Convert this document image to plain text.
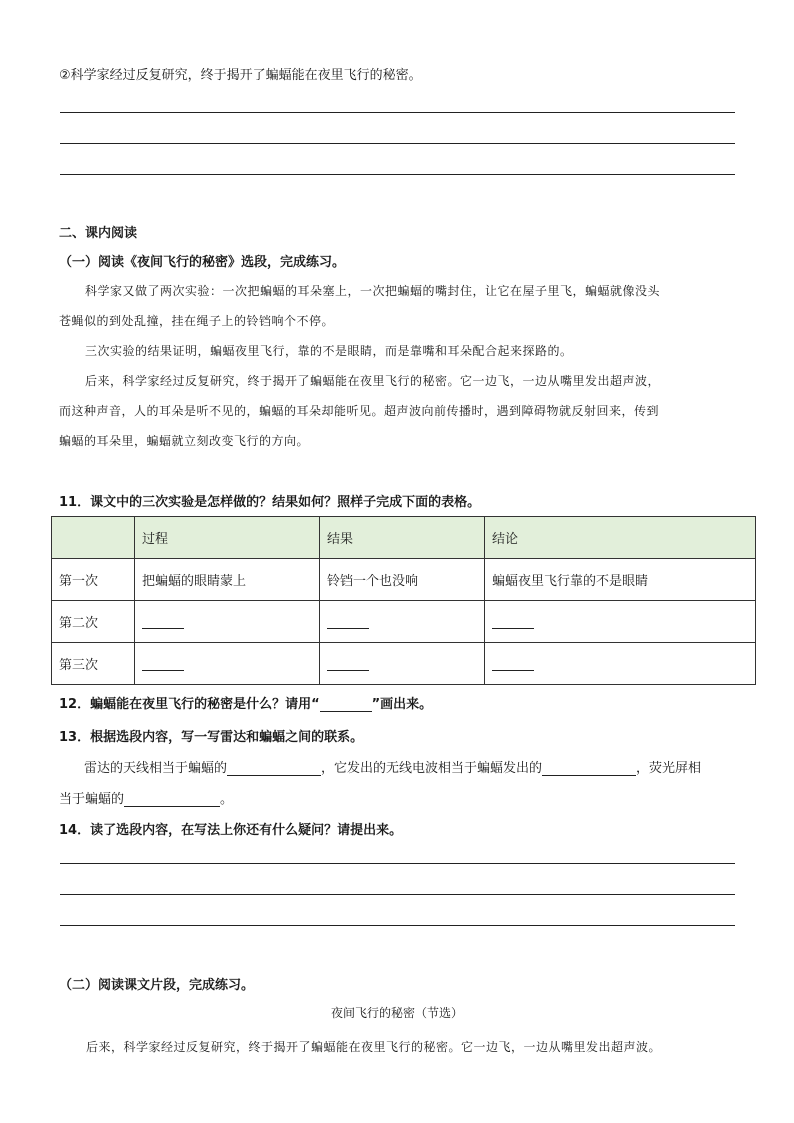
②科学家经过反复研究，终于揭开了蝙蝠能在夜里飞行的秘密。
二、课内阅读
（一）阅读《夜间飞行的秘密》选段，完成练习。
科学家又做了两次实验：一次把蝙蝠的耳朵塞上，一次把蝙蝠的嘴封住，让它在屋子里飞，蝙蝠就像没头
苍蝇似的到处乱撞，挂在绳子上的铃铛响个不停。
三次实验的结果证明，蝙蝠夜里飞行，靠的不是眼睛，而是靠嘴和耳朵配合起来探路的。
后来，科学家经过反复研究，终于揭开了蝙蝠能在夜里飞行的秘密。它一边飞，一边从嘴里发出超声波，
而这种声音，人的耳朵是听不见的，蝙蝠的耳朵却能听见。超声波向前传播时，遇到障碍物就反射回来，传到
蝙蝠的耳朵里，蝙蝠就立刻改变飞行的方向。
11．课文中的三次实验是怎样做的？结果如何？照样子完成下面的表格。
	过程	结果	结论
第一次	把蝙蝠的眼睛蒙上	铃铛一个也没响	蝙蝠夜里飞行靠的不是眼睛
第二次			
第三次			
12．蝙蝠能在夜里飞行的秘密是什么？请用“	”画出来。
13．根据选段内容，写一写雷达和蝙蝠之间的联系。
雷达的天线相当于蝙蝠的	，它发出的无线电波相当于蝙蝠发出的	，荧光屏相
当于蝙蝠的	。
14．读了选段内容，在写法上你还有什么疑问？请提出来。
（二）阅读课文片段，完成练习。
夜间飞行的秘密（节选）
后来，科学家经过反复研究，终于揭开了蝙蝠能在夜里飞行的秘密。它一边飞，一边从嘴里发出超声波。
